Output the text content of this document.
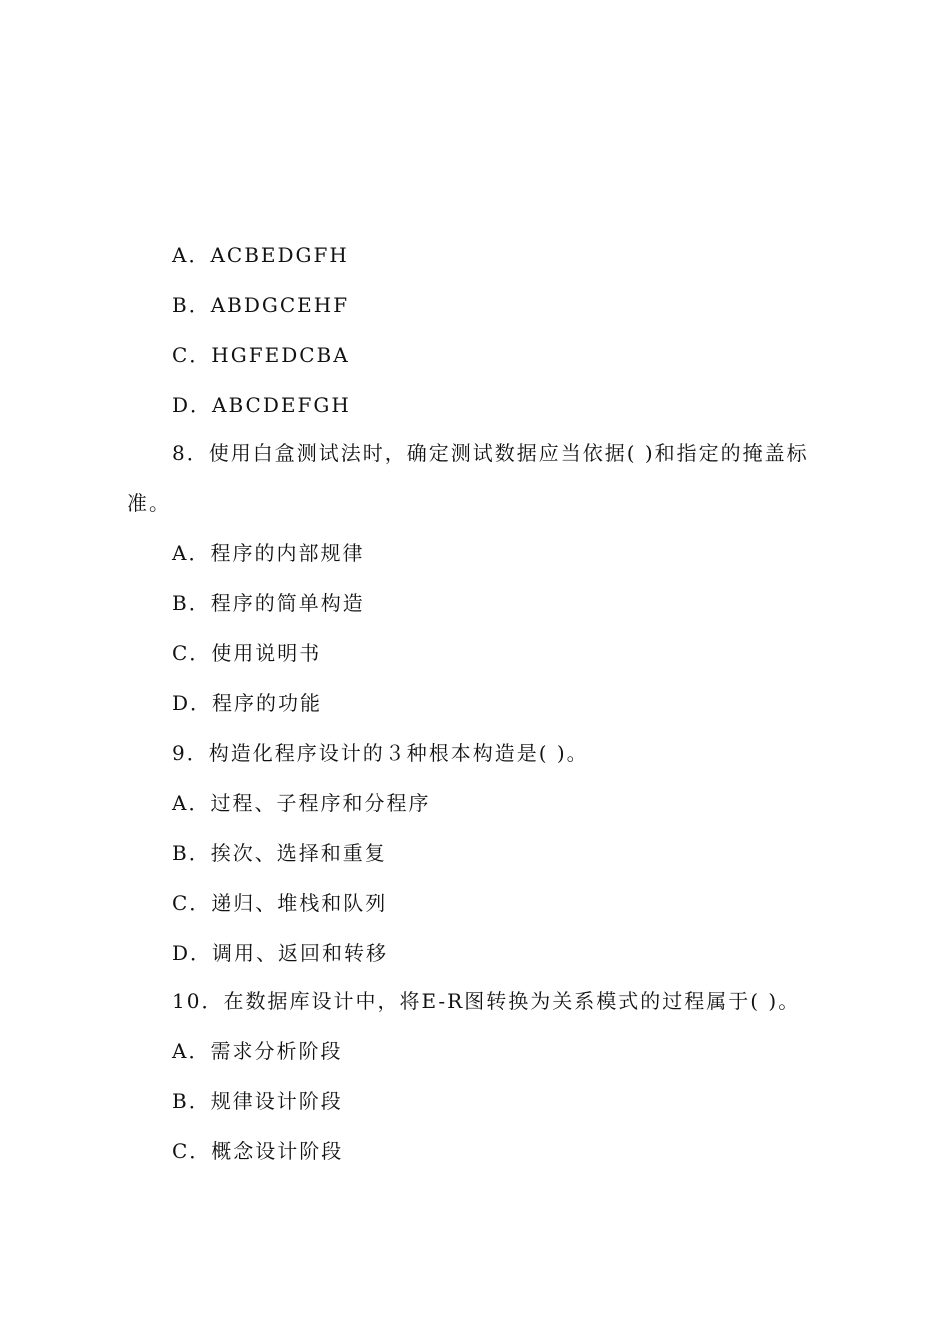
A．ACBEDGFH
B．ABDGCEHF
C．HGFEDCBA
D．ABCDEFGH
8．使用白盒测试法时，确定测试数据应当依据( )和指定的掩盖标
准。
A．程序的内部规律
B．程序的简单构造
C．使用说明书
D．程序的功能
9．构造化程序设计的３种根本构造是( )。
A．过程、子程序和分程序
B．挨次、选择和重复
C．递归、堆栈和队列
D．调用、返回和转移
10．在数据库设计中，将E-R图转换为关系模式的过程属于( )。
A．需求分析阶段
B．规律设计阶段
C．概念设计阶段
